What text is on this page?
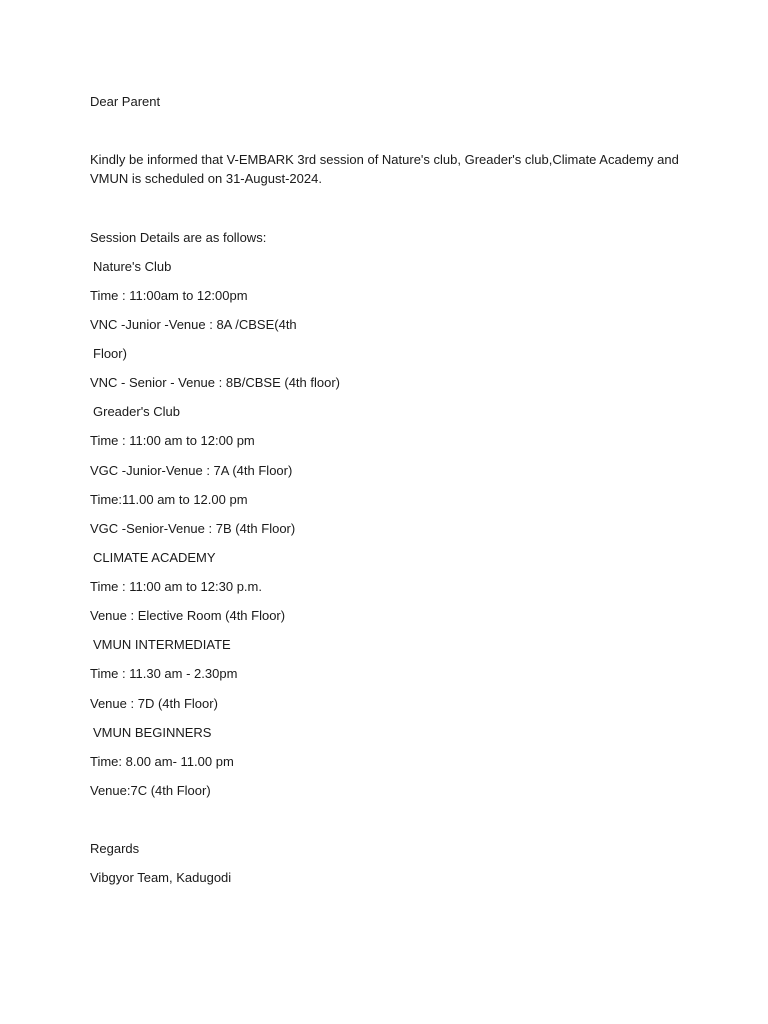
Dear Parent
Kindly be informed that V-EMBARK 3rd session of Nature's club, Greader's club,Climate Academy and
VMUN is scheduled on 31-August-2024.
Session Details are as follows:
Nature's Club
Time : 11:00am to 12:00pm
VNC -Junior -Venue : 8A /CBSE(4th
Floor)
VNC - Senior - Venue : 8B/CBSE (4th floor)
Greader's Club
Time : 11:00 am to 12:00 pm
VGC -Junior-Venue : 7A (4th Floor)
Time:11.00 am to 12.00 pm
VGC -Senior-Venue : 7B (4th Floor)
CLIMATE ACADEMY
Time : 11:00 am to 12:30 p.m.
Venue : Elective Room (4th Floor)
VMUN INTERMEDIATE
Time : 11.30 am - 2.30pm
Venue : 7D (4th Floor)
VMUN BEGINNERS
Time: 8.00 am- 11.00 pm
Venue:7C (4th Floor)
Regards
Vibgyor Team, Kadugodi
